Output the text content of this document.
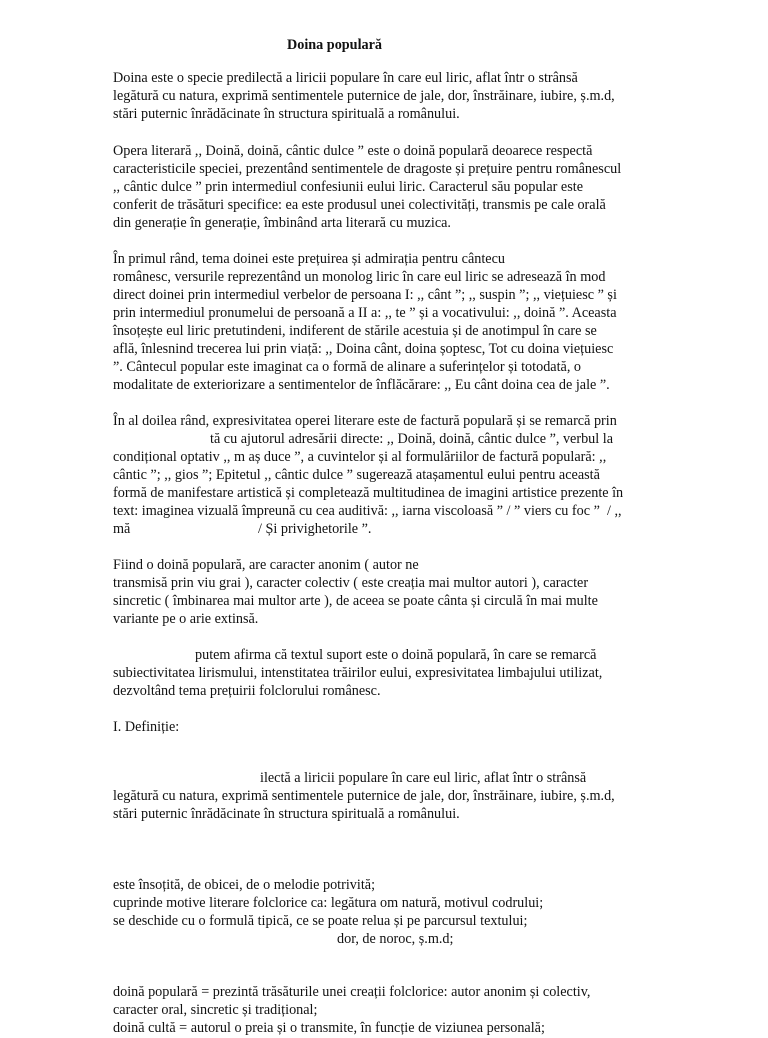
Doina populară
Doina este o specie predilectă a liricii populare în care eul liric, aflat într o strânsă
legătură cu natura, exprimă sentimentele puternice de jale, dor, înstrăinare, iubire, ș.m.d,
stări puternic înrădăcinate în structura spirituală a românului.
Opera literară ,, Doină, doină, cântic dulce ” este o doină populară deoarece respectă
caracteristicile speciei, prezentând sentimentele de dragoste și prețuire pentru românescul
,, cântic dulce ” prin intermediul confesiunii eului liric. Caracterul său popular este
conferit de trăsături specifice: ea este produsul unei colectivități, transmis pe cale orală
din generație în generație, îmbinând arta literară cu muzica.
În primul rând, tema doinei este prețuirea și admirația pentru cântecu
românesc, versurile reprezentând un monolog liric în care eul liric se adresează în mod
direct doinei prin intermediul verbelor de persoana I: ,, cânt ”; ,, suspin ”; ,, viețuiesc ” și
prin intermediul pronumelui de persoană a II a: ,, te ” și a vocativului: ,, doină ”. Aceasta
însoțește eul liric pretutindeni, indiferent de stările acestuia și de anotimpul în care se
află, înlesnind trecerea lui prin viață: ,, Doina cânt, doina șoptesc, Tot cu doina viețuiesc
”. Cântecul popular este imaginat ca o formă de alinare a suferințelor și totodată, o
modalitate de exteriorizare a sentimentelor de înflăcărare: ,, Eu cânt doina cea de jale ”.
În al doilea rând, expresivitatea operei literare este de factură populară și se remarcă prin
tă cu ajutorul adresării directe: ,, Doină, doină, cântic dulce ”, verbul la
condițional optativ ,, m aș duce ”, a cuvintelor și al formulăriilor de factură populară: ,,
cântic ”; ,, gios ”; Epitetul ,, cântic dulce ” sugerează atașamentul eului pentru această
formă de manifestare artistică și completează multitudinea de imagini artistice prezente în
text: imaginea vizuală împreună cu cea auditivă: ,, iarna viscoloasă ” / ” viers cu foc ”  / ,,
mă	/ Și privighetorile ”.
Fiind o doină populară, are caracter anonim ( autor ne
transmisă prin viu grai ), caracter colectiv ( este creația mai multor autori ), caracter
sincretic ( îmbinarea mai multor arte ), de aceea se poate cânta și circulă în mai multe
variante pe o arie extinsă.
putem afirma că textul suport este o doină populară, în care se remarcă
subiectivitatea lirismului, intenstitatea trăirilor eului, expresivitatea limbajului utilizat,
dezvoltând tema prețuirii folclorului românesc.
I. Definiție:
ilectă a liricii populare în care eul liric, aflat într o strânsă
legătură cu natura, exprimă sentimentele puternice de jale, dor, înstrăinare, iubire, ș.m.d,
stări puternic înrădăcinate în structura spirituală a românului.
este însoțită, de obicei, de o melodie potrivită;
cuprinde motive literare folclorice ca: legătura om natură, motivul codrului;
se deschide cu o formulă tipică, ce se poate relua și pe parcursul textului;
dor, de noroc, ș.m.d;
doină populară = prezintă trăsăturile unei creații folclorice: autor anonim și colectiv,
caracter oral, sincretic și tradițional;
doină cultă = autorul o preia și o transmite, în funcție de viziunea personală;
